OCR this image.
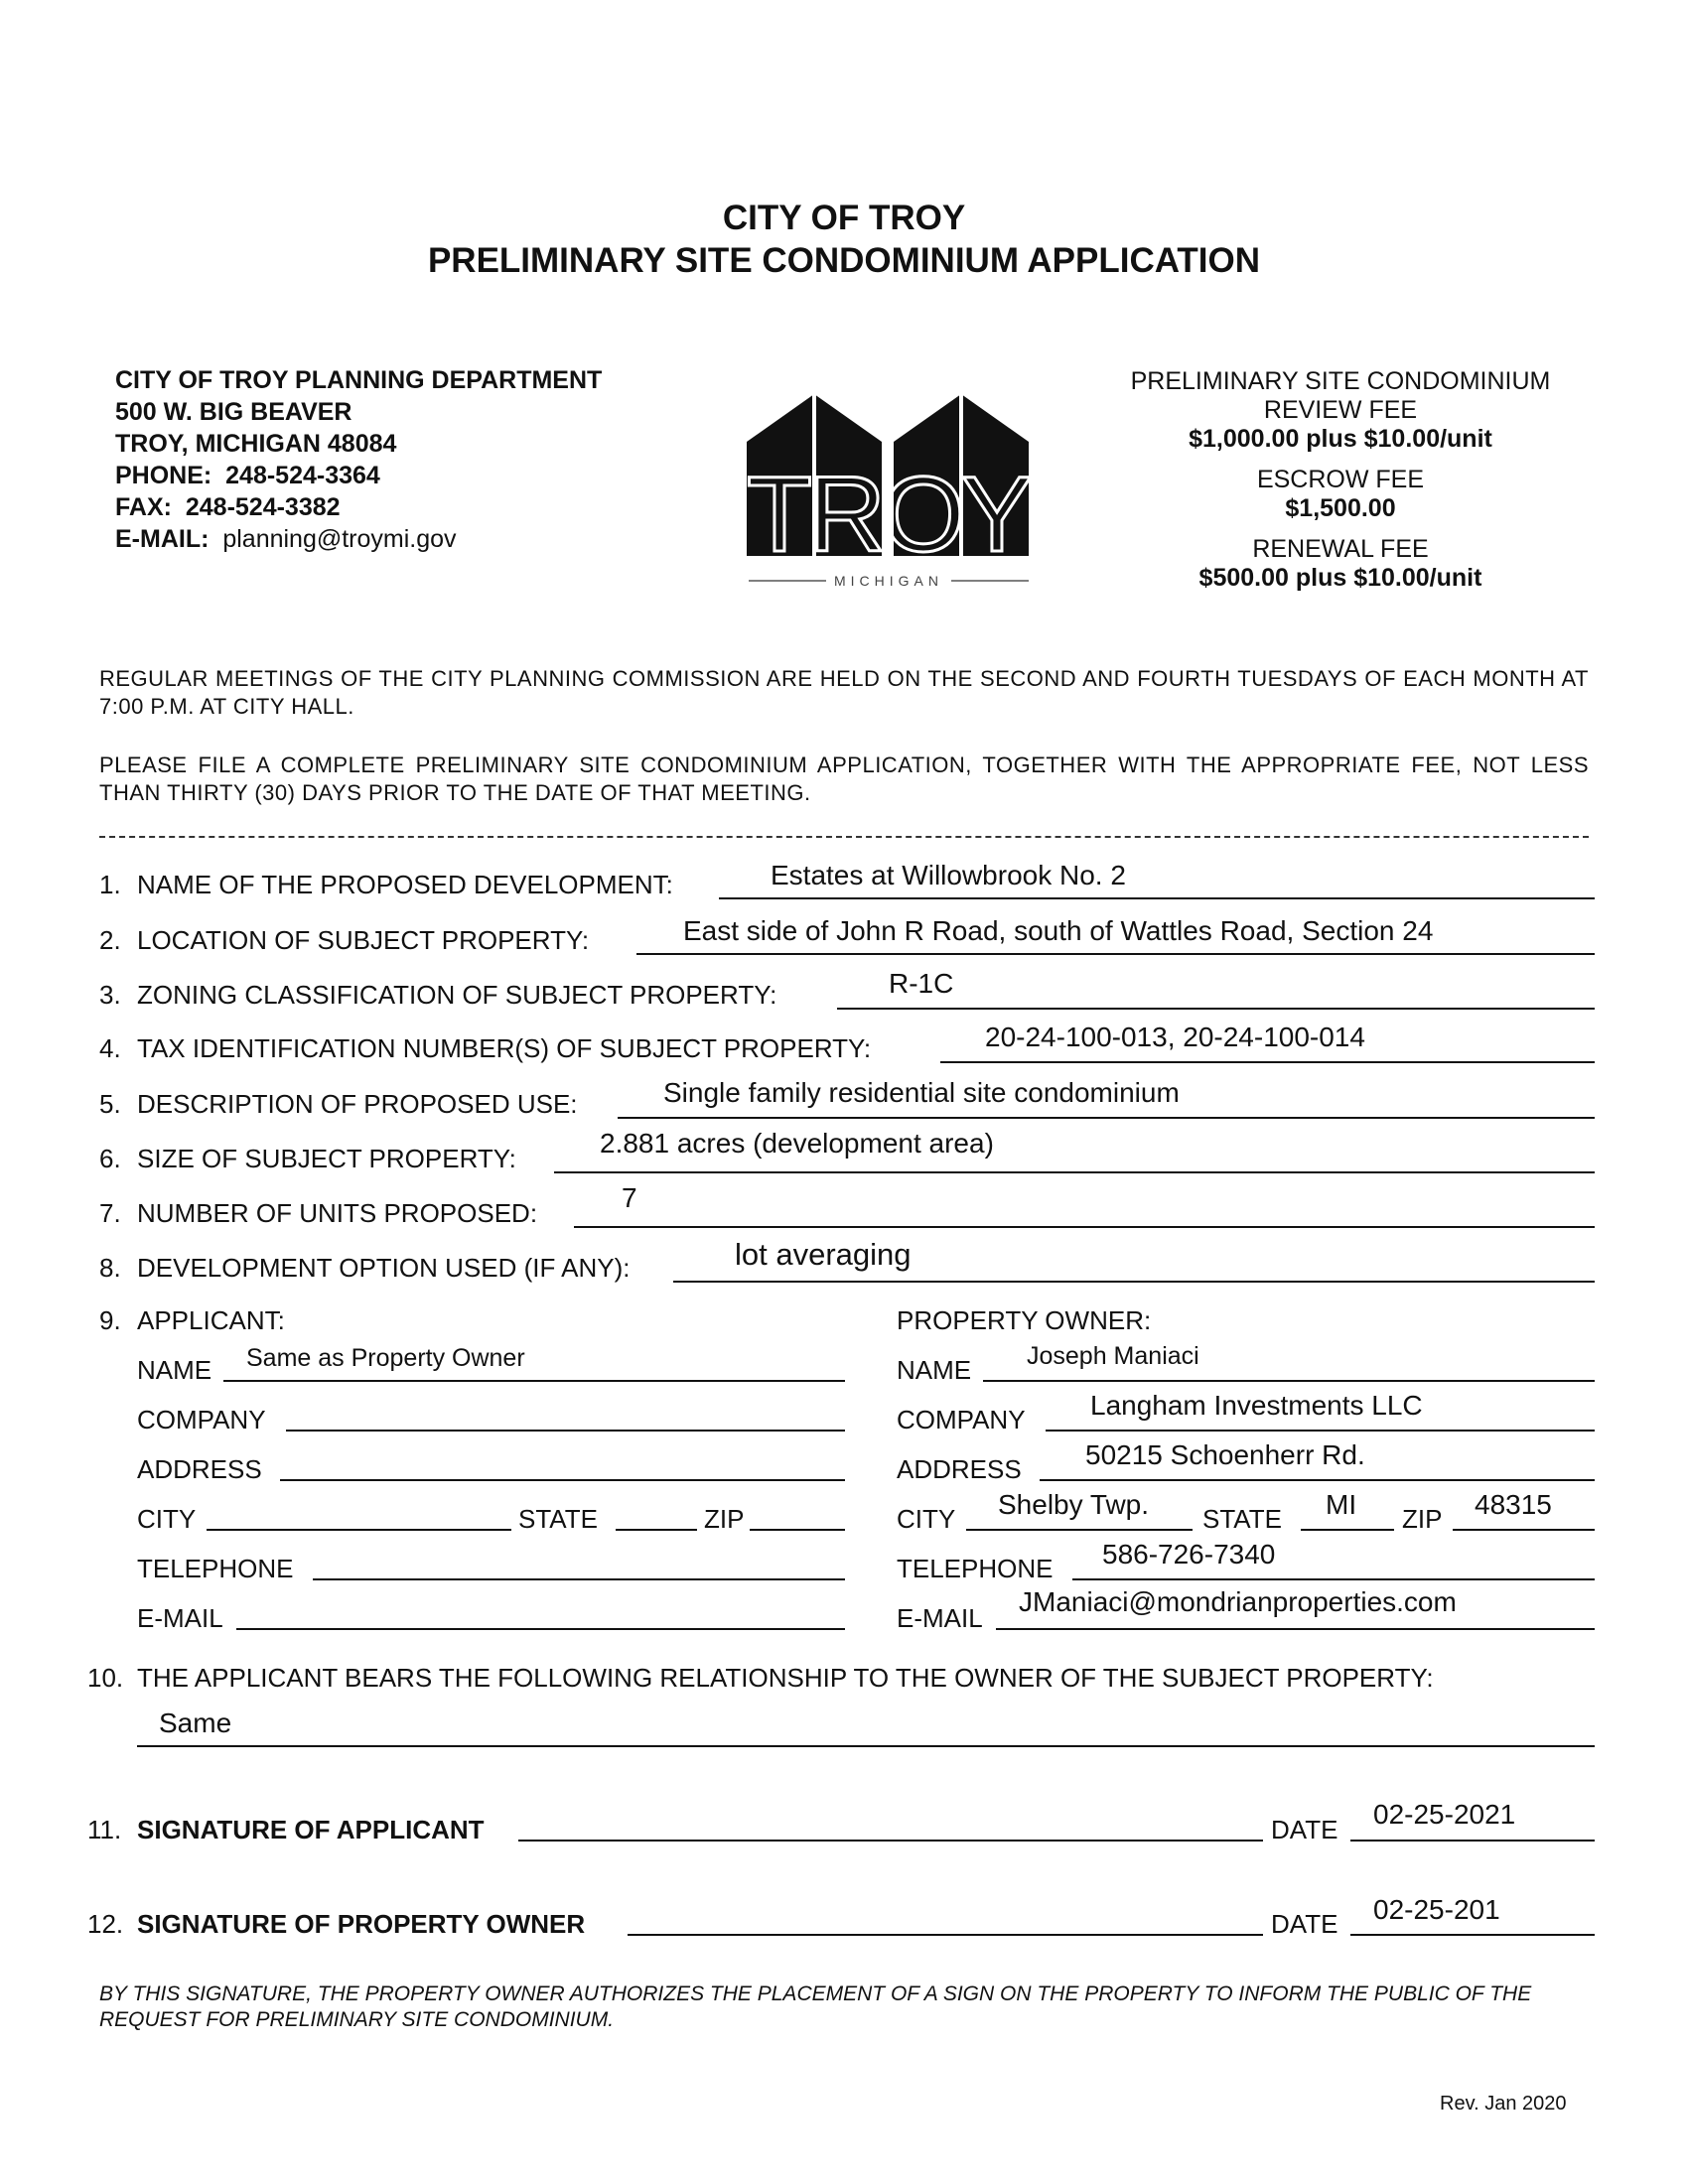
CITY OF TROY
PRELIMINARY SITE CONDOMINIUM APPLICATION
CITY OF TROY PLANNING DEPARTMENT
500 W. BIG BEAVER
TROY, MICHIGAN 48084
PHONE: 248-524-3364
FAX: 248-524-3382
E-MAIL: planning@troymi.gov	TROY
MICHIGAN
PRELIMINARY SITE CONDOMINIUM
REVIEW FEE
$1,000.00 plus $10.00/unit
ESCROW FEE
$1,500.00
RENEWAL FEE
$500.00 plus $10.00/unit
REGULAR MEETINGS OF THE CITY PLANNING COMMISSION ARE HELD ON THE SECOND AND FOURTH TUESDAYS OF EACH MONTH AT 7:00 P.M. AT CITY HALL.
PLEASE FILE A COMPLETE PRELIMINARY SITE CONDOMINIUM APPLICATION, TOGETHER WITH THE APPROPRIATE FEE, NOT LESS THAN THIRTY (30) DAYS PRIOR TO THE DATE OF THAT MEETING.
1. NAME OF THE PROPOSED DEVELOPMENT:	Estates at Willowbrook No. 2
2. LOCATION OF SUBJECT PROPERTY:	East side of John R Road, south of Wattles Road, Section 24
3. ZONING CLASSIFICATION OF SUBJECT PROPERTY:	R-1C
4. TAX IDENTIFICATION NUMBER(S) OF SUBJECT PROPERTY:	20-24-100-013, 20-24-100-014
5. DESCRIPTION OF PROPOSED USE:	Single family residential site condominium
6. SIZE OF SUBJECT PROPERTY:	2.881 acres (development area)
7. NUMBER OF UNITS PROPOSED:	7
8. DEVELOPMENT OPTION USED (IF ANY):	lot averaging
9. APPLICANT:	PROPERTY OWNER:
NAME Same as Property Owner
COMPANY
ADDRESS
CITY	STATE	ZIP
TELEPHONE
E-MAIL
NAME Joseph Maniaci
COMPANY Langham Investments LLC
ADDRESS 50215 Schoenherr Rd.
CITY Shelby Twp. STATE MI ZIP 48315
TELEPHONE 586-726-7340
E-MAIL
JManiaci@mondrianproperties.com
10. THE APPLICANT BEARS THE FOLLOWING RELATIONSHIP TO THE OWNER OF THE SUBJECT PROPERTY:
Same
11. SIGNATURE OF APPLICANT	DATE 02-25-2021
12. SIGNATURE OF PROPERTY OWNER	DATE 02-25-201
BY THIS SIGNATURE, THE PROPERTY OWNER AUTHORIZES THE PLACEMENT OF A SIGN ON THE PROPERTY TO INFORM THE PUBLIC OF THE REQUEST FOR PRELIMINARY SITE CONDOMINIUM.
Rev. Jan 2020
